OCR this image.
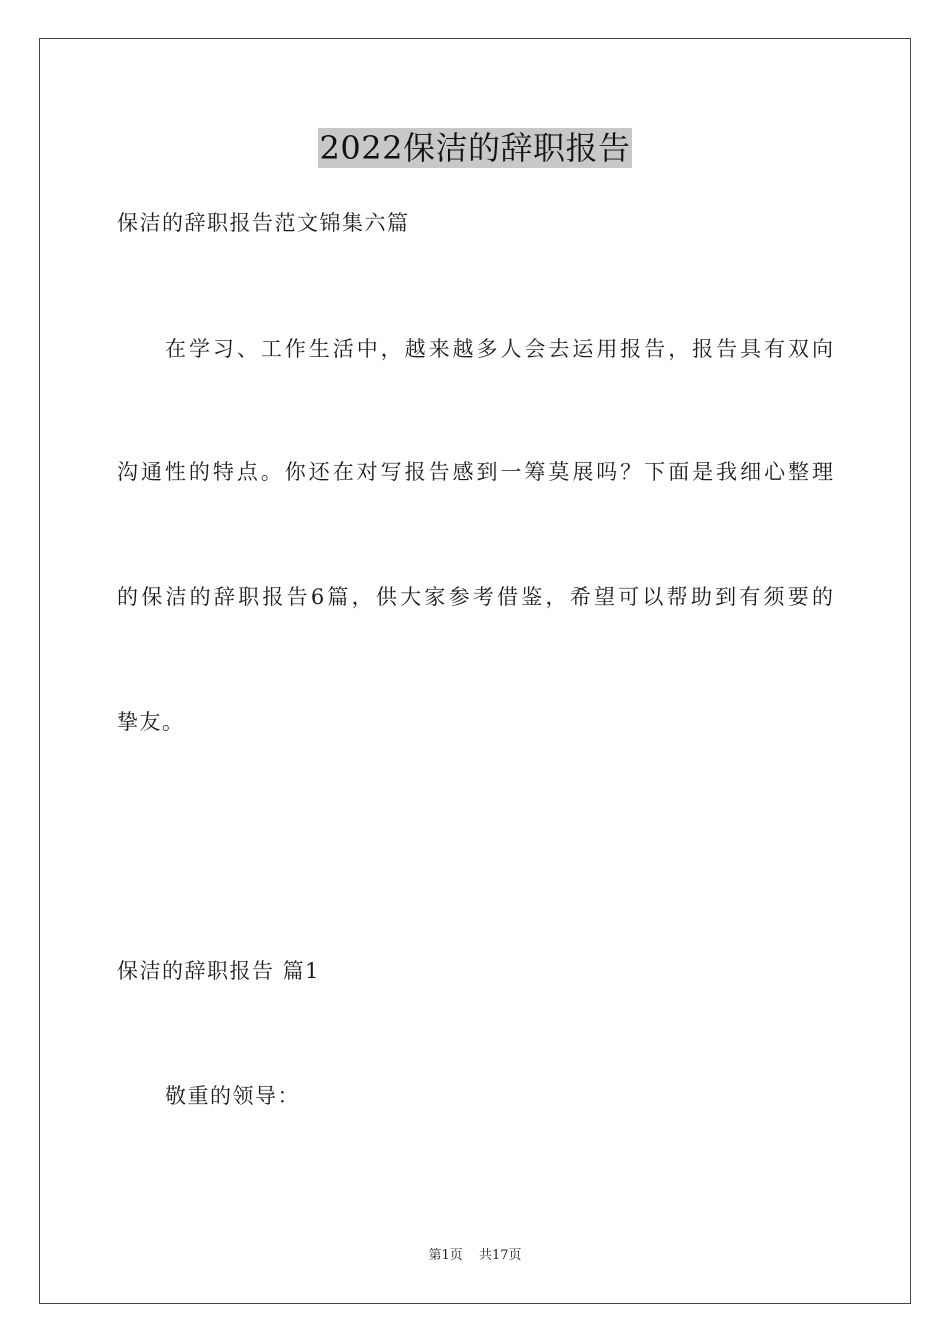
2022保洁的辞职报告
保洁的辞职报告范文锦集六篇
在学习、工作生活中，越来越多人会去运用报告，报告具有双向
沟通性的特点。你还在对写报告感到一筹莫展吗？下面是我细心整理
的保洁的辞职报告6篇，供大家参考借鉴，希望可以帮助到有须要的
挚友。
保洁的辞职报告 篇1
敬重的领导：
第1页 共17页
